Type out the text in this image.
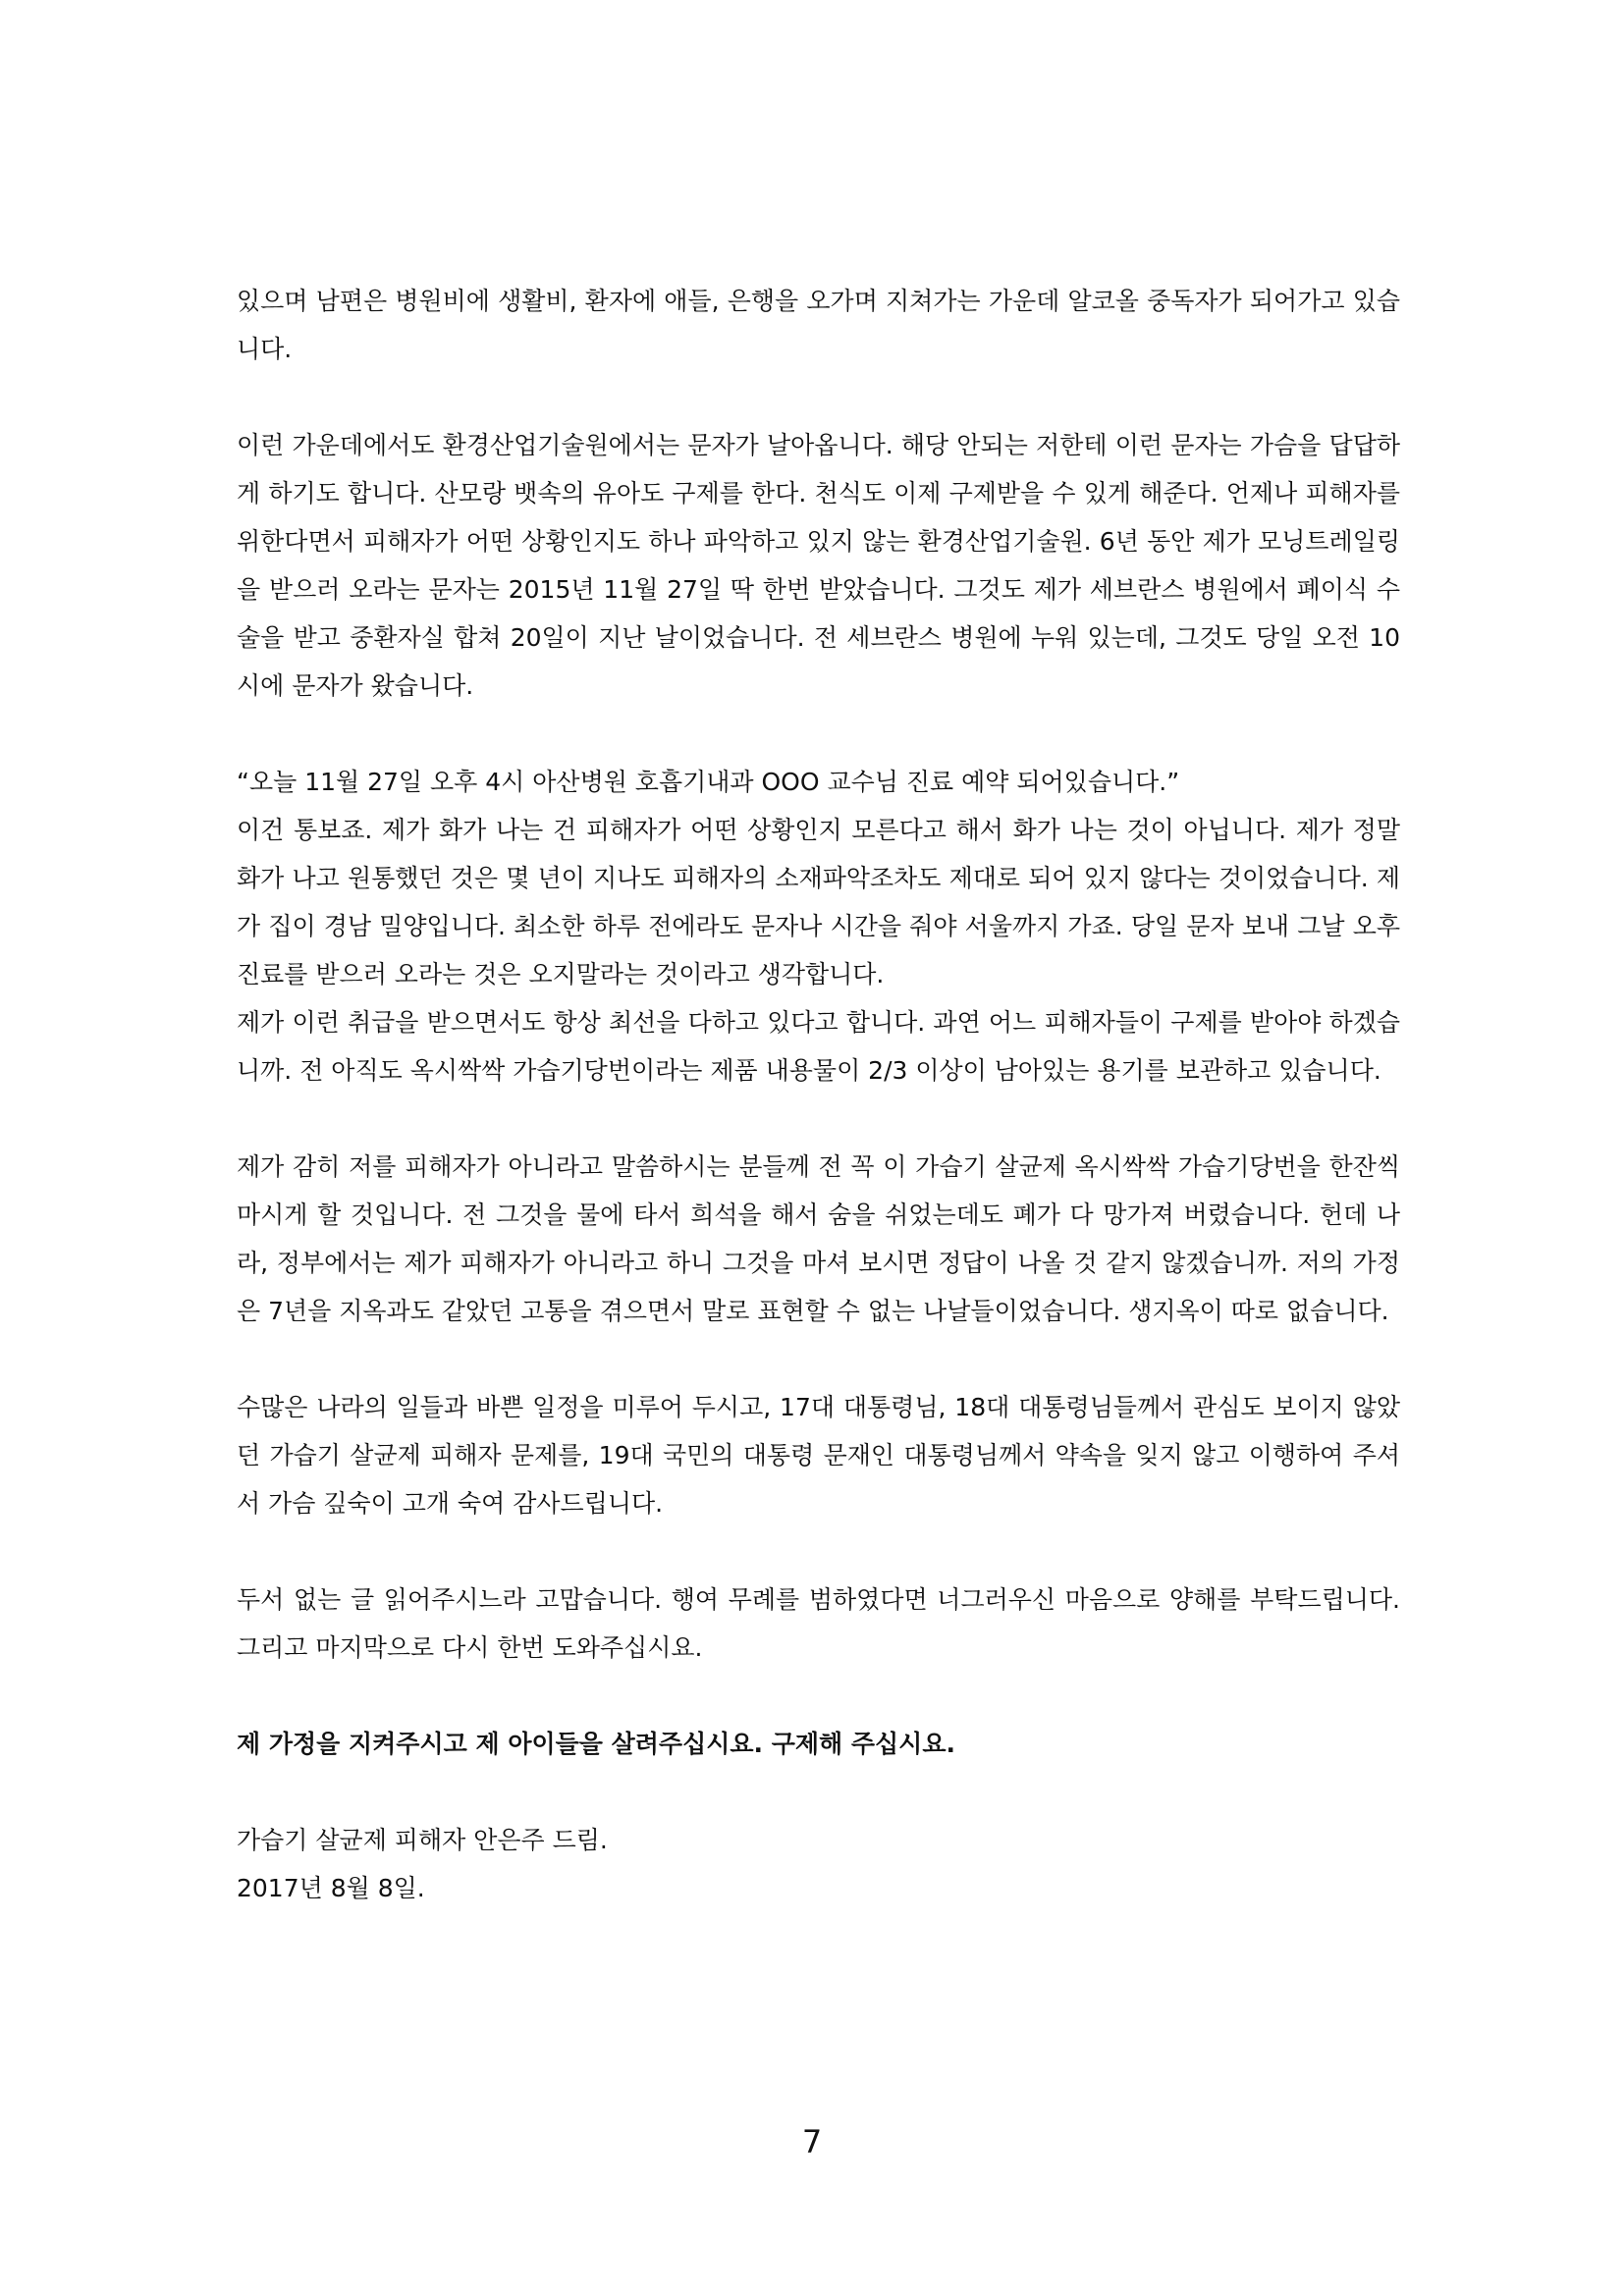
있으며 남편은 병원비에 생활비, 환자에 애들, 은행을 오가며 지쳐가는 가운데 알코올 중독자가 되어가고 있습니다.

이런 가운데에서도 환경산업기술원에서는 문자가 날아옵니다. 해당 안되는 저한테 이런 문자는 가슴을 답답하게 하기도 합니다. 산모랑 뱃속의 유아도 구제를 한다. 천식도 이제 구제받을 수 있게 해준다. 언제나 피해자를 위한다면서 피해자가 어떤 상황인지도 하나 파악하고 있지 않는 환경산업기술원. 6년 동안 제가 모닝트레일링을 받으러 오라는 문자는 2015년 11월 27일 딱 한번 받았습니다. 그것도 제가 세브란스 병원에서 폐이식 수술을 받고 중환자실 합쳐 20일이 지난 날이었습니다. 전 세브란스 병원에 누워 있는데, 그것도 당일 오전 10시에 문자가 왔습니다.

“오늘 11월 27일 오후 4시 아산병원 호흡기내과 OOO 교수님 진료 예약 되어있습니다.”

이건 통보죠. 제가 화가 나는 건 피해자가 어떤 상황인지 모른다고 해서 화가 나는 것이 아닙니다. 제가 정말 화가 나고 원통했던 것은 몇 년이 지나도 피해자의 소재파악조차도 제대로 되어 있지 않다는 것이었습니다. 제가 집이 경남 밀양입니다. 최소한 하루 전에라도 문자나 시간을 줘야 서울까지 가죠. 당일 문자 보내 그날 오후 진료를 받으러 오라는 것은 오지말라는 것이라고 생각합니다.

제가 이런 취급을 받으면서도 항상 최선을 다하고 있다고 합니다. 과연 어느 피해자들이 구제를 받아야 하겠습니까. 전 아직도 옥시싹싹 가습기당번이라는 제품 내용물이 2/3 이상이 남아있는 용기를 보관하고 있습니다.

제가 감히 저를 피해자가 아니라고 말씀하시는 분들께 전 꼭 이 가습기 살균제 옥시싹싹 가습기당번을 한잔씩 마시게 할 것입니다. 전 그것을 물에 타서 희석을 해서 숨을 쉬었는데도 폐가 다 망가져 버렸습니다. 헌데 나라, 정부에서는 제가 피해자가 아니라고 하니 그것을 마셔 보시면 정답이 나올 것 같지 않겠습니까. 저의 가정은 7년을 지옥과도 같았던 고통을 겪으면서 말로 표현할 수 없는 나날들이었습니다. 생지옥이 따로 없습니다.

수많은 나라의 일들과 바쁜 일정을 미루어 두시고, 17대 대통령님, 18대 대통령님들께서 관심도 보이지 않았던 가습기 살균제 피해자 문제를, 19대 국민의 대통령 문재인 대통령님께서 약속을 잊지 않고 이행하여 주셔서 가슴 깊숙이 고개 숙여 감사드립니다.

두서 없는 글 읽어주시느라 고맙습니다. 행여 무례를 범하였다면 너그러우신 마음으로 양해를 부탁드립니다. 그리고 마지막으로 다시 한번 도와주십시요.

제 가정을 지켜주시고 제 아이들을 살려주십시요. 구제해 주십시요.

가습기 살균제 피해자 안은주 드림.

2017년 8월 8일.

7
